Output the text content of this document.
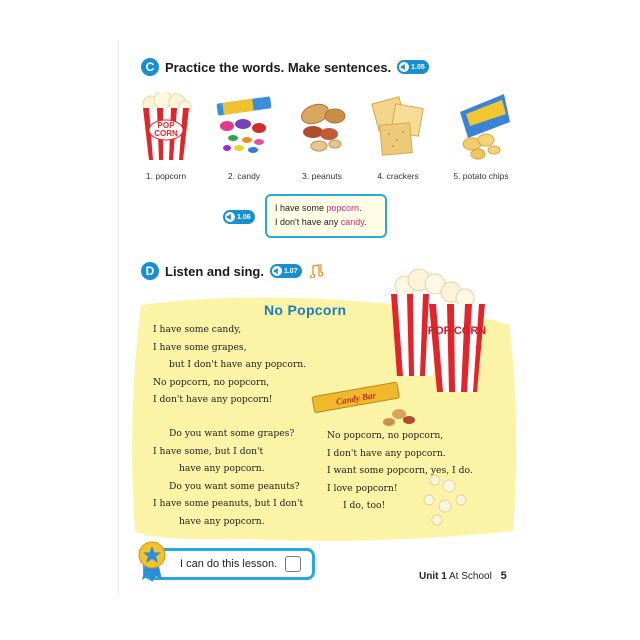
C Practice the words. Make sentences.	1.05
POP
CORN
1. popcorn	2. candy	3. peanuts	4. crackers	5. potato chips
1.06
I have some popcorn.
I don't have any candy.
D Listen and sing.	1.07
POP CORN
Candy Bar
No Popcorn
I have some candy,
I have some grapes,
but I don't have any popcorn.
No popcorn, no popcorn,
I don't have any popcorn!
Do you want some grapes?
I have some, but I don't
have any popcorn.
Do you want some peanuts?
I have some peanuts, but I don't
have any popcorn.
No popcorn, no popcorn,
I don't have any popcorn.
I want some popcorn, yes, I do.
I love popcorn!
I do, too!
I can do this lesson.
Unit 1 At School 5
